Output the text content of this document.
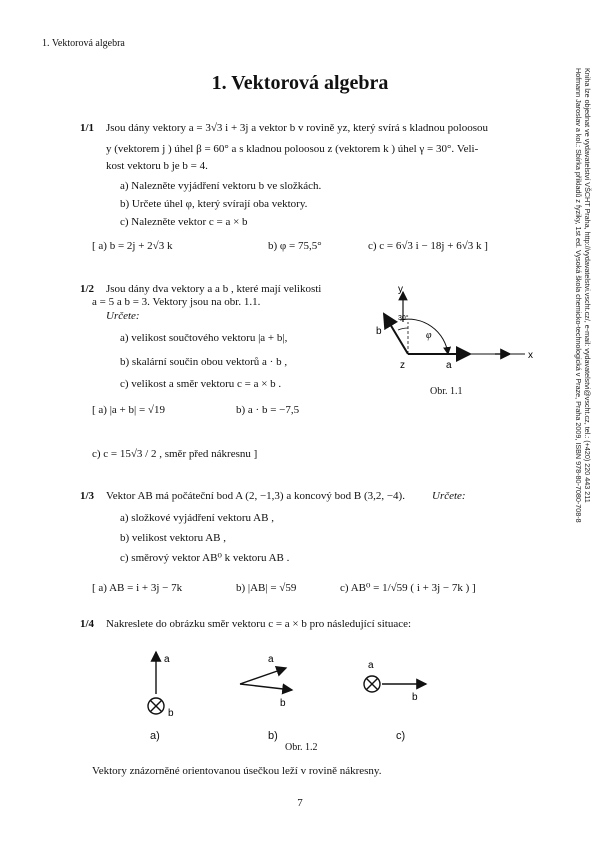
1. Vektorová algebra
1. Vektorová algebra	Hofmann Jaroslav a kol.: Sbírka příkladů z fyziky, 1st ed. Vysoká škola chemicko-technologická v Praze, Praha 2009, ISBN 978-80-7080-708-8 Kniha lze objednat ve vydavatelství VŠCHT Praha, http://vydavatelstvi.vscht.cz/, e-mail: vydavatelstvi@vscht.cz, tel.: (+420) 220 443 211
1/1 Jsou dány vektory a = 3√3 i + 3j a vektor b v rovině yz, který svírá s kladnou poloosou
y (vektorem j ) úhel β = 60° a s kladnou poloosou z (vektorem k ) úhel γ = 30°. Veli-
kost vektoru b je b = 4.
a) Nalezněte vyjádření vektoru b ve složkách.
b) Určete úhel φ, který svírají oba vektory.
c) Nalezněte vektor c = a × b
[ a) b = 2j + 2√3 k	b) φ = 75,5°	c) c = 6√3 i − 18j + 6√3 k ]
1/2 Jsou dány dva vektory a a b , které mají velikosti
a = 5 a b = 3. Vektory jsou na obr. 1.1.
Určete:
a) velikost součtového vektoru |a + b|,
b) skalární součin obou vektorů a · b ,
c) velikost a směr vektoru c = a × b .
[ a) |a + b| = √19	b) a · b = −7,5
c) c = 15√3 / 2 , směr před nákresnu ]
y
x
z	a
b
30°
φ
Obr. 1.1
1/3 Vektor AB má počáteční bod A (2, −1,3) a koncový bod B (3,2, −4). Určete:
a) složkové vyjádření vektoru AB ,
b) velikost vektoru AB ,
c) směrový vektor AB⁰ k vektoru AB .
[ a) AB = i + 3j − 7k	b) |AB| = √59	c) AB⁰ = 1/√59 ( i + 3j − 7k ) ]
1/4 Nakreslete do obrázku směr vektoru c = a × b pro následující situace:
a
b
a
b
a
b
a)	b)	c)
Obr. 1.2
Vektory znázorněné orientovanou úsečkou leží v rovině nákresny.
7
